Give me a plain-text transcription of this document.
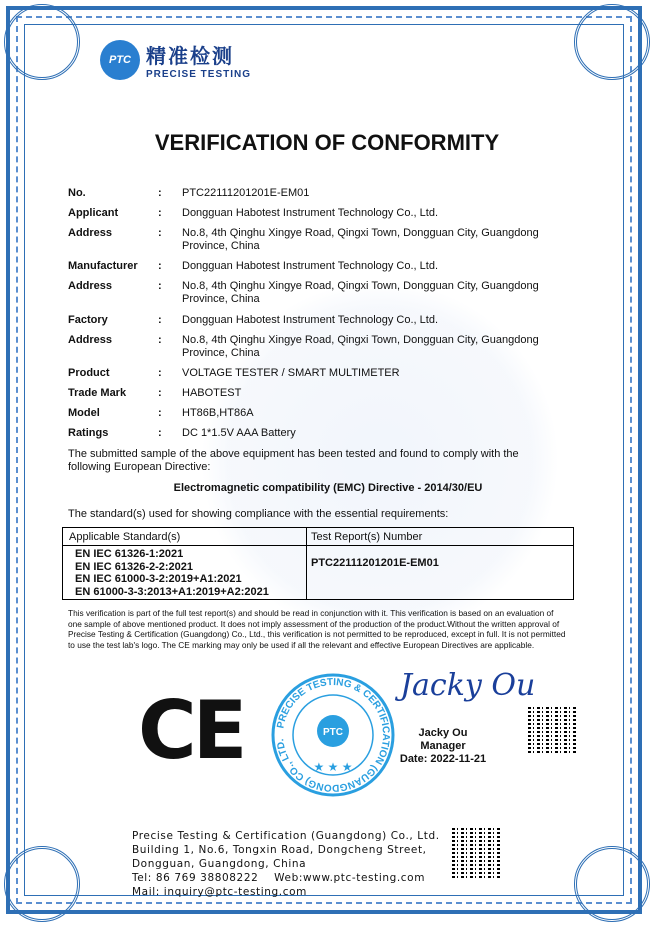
PTC 精准检测
PRECISE TESTING
VERIFICATION OF CONFORMITY
No.	: PTC22111201201E-EM01
Applicant	: Dongguan Habotest Instrument Technology Co., Ltd.
Address	: No.8, 4th Qinghu Xingye Road, Qingxi Town, Dongguan City, Guangdong Province, China
Manufacturer : Dongguan Habotest Instrument Technology Co., Ltd.
Address	: No.8, 4th Qinghu Xingye Road, Qingxi Town, Dongguan City, Guangdong Province, China
Factory	: Dongguan Habotest Instrument Technology Co., Ltd.
Address	: No.8, 4th Qinghu Xingye Road, Qingxi Town, Dongguan City, Guangdong Province, China
Product	: VOLTAGE TESTER / SMART MULTIMETER
Trade Mark	: HABOTEST
Model	: HT86B,HT86A
Ratings	: DC 1*1.5V AAA Battery
The submitted sample of the above equipment has been tested and found to comply with the following European Directive:
Electromagnetic compatibility (EMC) Directive - 2014/30/EU
The standard(s) used for showing compliance with the essential requirements:
Applicable Standard(s)	Test Report(s) Number
EN IEC 61326-1:2021
EN IEC 61326-2-2:2021
EN IEC 61000-3-2:2019+A1:2021
EN 61000-3-3:2013+A1:2019+A2:2021
PTC22111201201E-EM01
This verification is part of the full test report(s) and should be read in conjunction with it. This verification is based on an evaluation of one sample of above mentioned product. It does not imply assessment of the production of the product.Without the written approval of Precise Testing & Certification (Guangdong) Co., Ltd., this verification is not permitted to be reproduced, except in full. It is not permitted to use the test lab's logo. The CE marking may only be used if all the relevant and effective European Directives are applicable.
CE	PRECISE TESTING & CERTIFICATION (GUANGDONG) CO., LTD.
PTC
★ ★ ★
Jacky Ou
Jacky Ou
Manager
Date: 2022-11-21
Precise Testing & Certification (Guangdong) Co., Ltd.
Building 1, No.6, Tongxin Road, Dongcheng Street,
Dongguan, Guangdong, China
Tel: 86 769 38808222    Web:www.ptc-testing.com
Mail: inquiry@ptc-testing.com
